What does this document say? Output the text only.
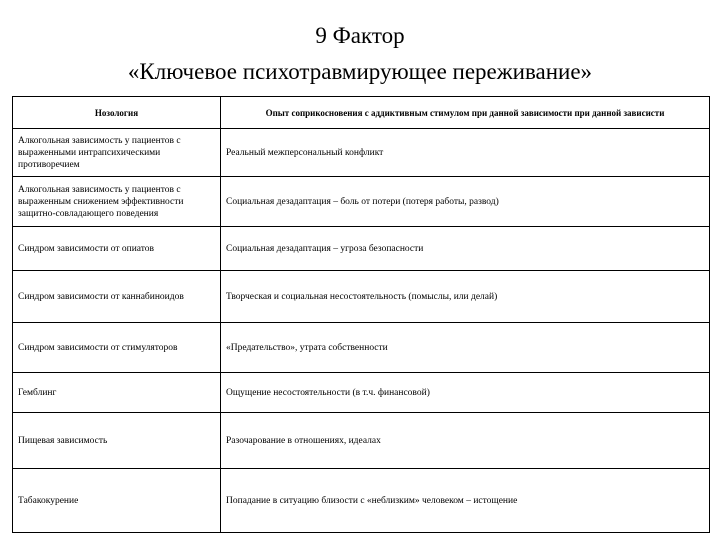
9 Фактор
«Ключевое психотравмирующее переживание»
Нозология	Опыт соприкосновения с аддиктивным стимулом при данной зависимости при данной зависисти
Алкогольная зависимость у пациентов с выраженными интрапсихическими противоречием	Реальный межперсональный конфликт
Алкогольная зависимость у пациентов с выраженным снижением эффективности защитно-совладающего поведения	Социальная дезадаптация – боль от потери (потеря работы, развод)
Синдром зависимости от опиатов	Социальная дезадаптация – угроза безопасности
Синдром зависимости от каннабиноидов	Творческая и социальная несостоятельность (помыслы, или делай)
Синдром зависимости от стимуляторов	«Предательство», утрата собственности
Гемблинг	Ощущение несостоятельности (в т.ч. финансовой)
Пищевая зависимость	Разочарование в отношениях, идеалах
Табакокурение	Попадание в ситуацию близости с «неблизким» человеком – истощение
